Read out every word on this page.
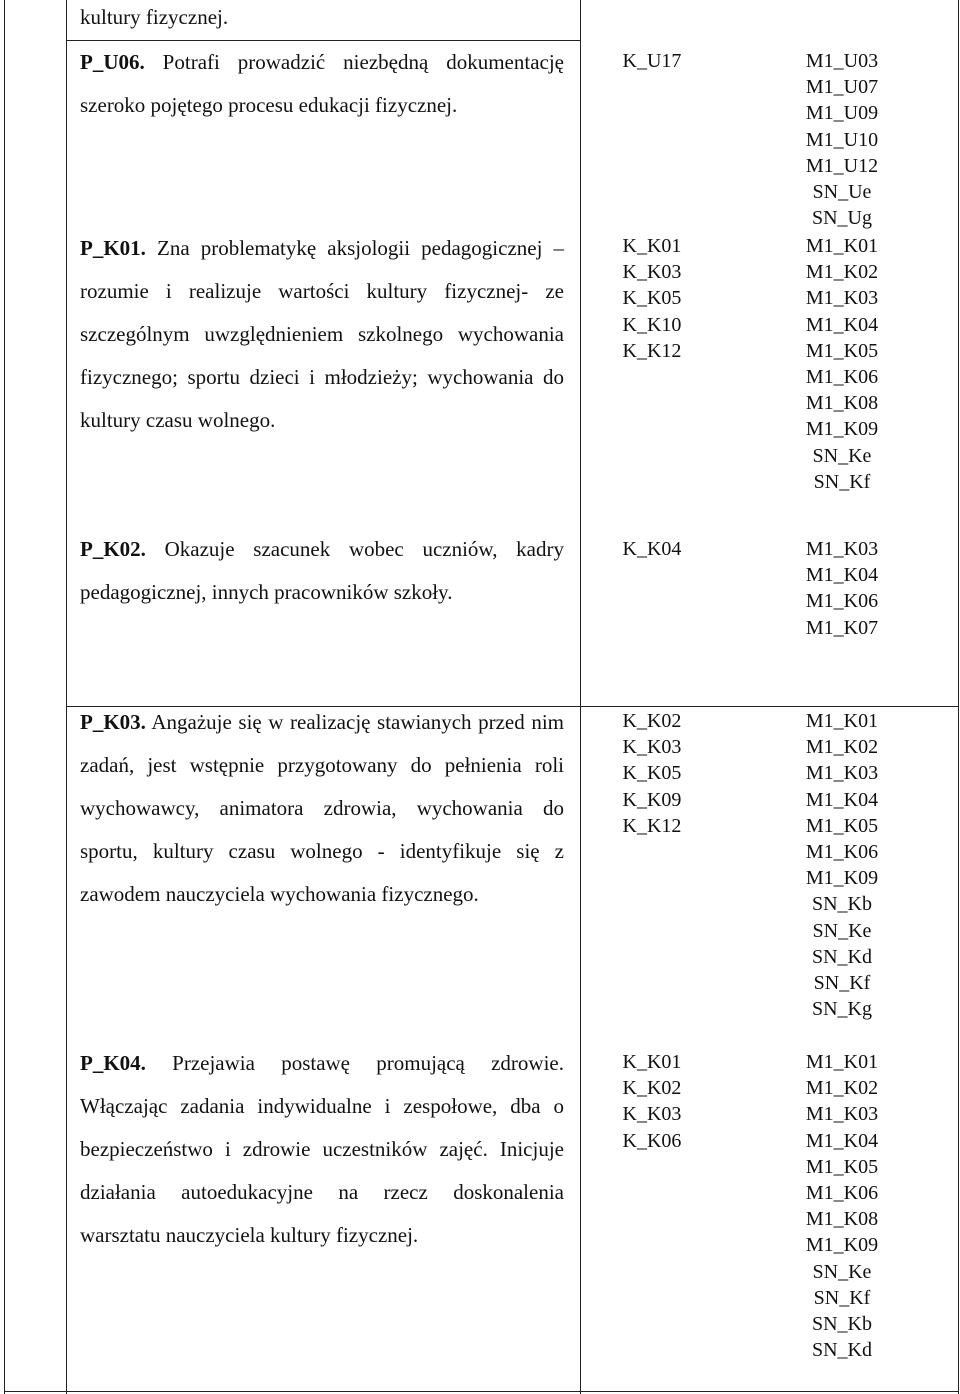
kultury fizycznej.
P_U06. Potrafi prowadzić niezbędną dokumentację szeroko pojętego procesu edukacji fizycznej.
K_U17	M1_U03
M1_U07
M1_U09
M1_U10
M1_U12
SN_Ue
SN_Ug
P_K01. Zna problematykę aksjologii pedagogicznej – rozumie i realizuje wartości kultury fizycznej- ze szczególnym uwzględnieniem szkolnego wychowania fizycznego; sportu dzieci i młodzieży; wychowania do kultury czasu wolnego.
K_K01
K_K03
K_K05
K_K10
K_K12
M1_K01
M1_K02
M1_K03
M1_K04
M1_K05
M1_K06
M1_K08
M1_K09
SN_Ke
SN_Kf
P_K02. Okazuje szacunek wobec uczniów, kadry pedagogicznej, innych pracowników szkoły.
K_K04	M1_K03
M1_K04
M1_K06
M1_K07
P_K03. Angażuje się w realizację stawianych przed nim zadań, jest wstępnie przygotowany do pełnienia roli wychowawcy, animatora zdrowia, wychowania do sportu, kultury czasu wolnego - identyfikuje się z zawodem nauczyciela wychowania fizycznego.
K_K02
K_K03
K_K05
K_K09
K_K12
M1_K01
M1_K02
M1_K03
M1_K04
M1_K05
M1_K06
M1_K09
SN_Kb
SN_Ke
SN_Kd
SN_Kf
SN_Kg
P_K04. Przejawia postawę promującą zdrowie. Włączając zadania indywidualne i zespołowe, dba o bezpieczeństwo i zdrowie uczestników zajęć. Inicjuje działania autoedukacyjne na rzecz doskonalenia warsztatu nauczyciela kultury fizycznej.
K_K01
K_K02
K_K03
K_K06
M1_K01
M1_K02
M1_K03
M1_K04
M1_K05
M1_K06
M1_K08
M1_K09
SN_Ke
SN_Kf
SN_Kb
SN_Kd
